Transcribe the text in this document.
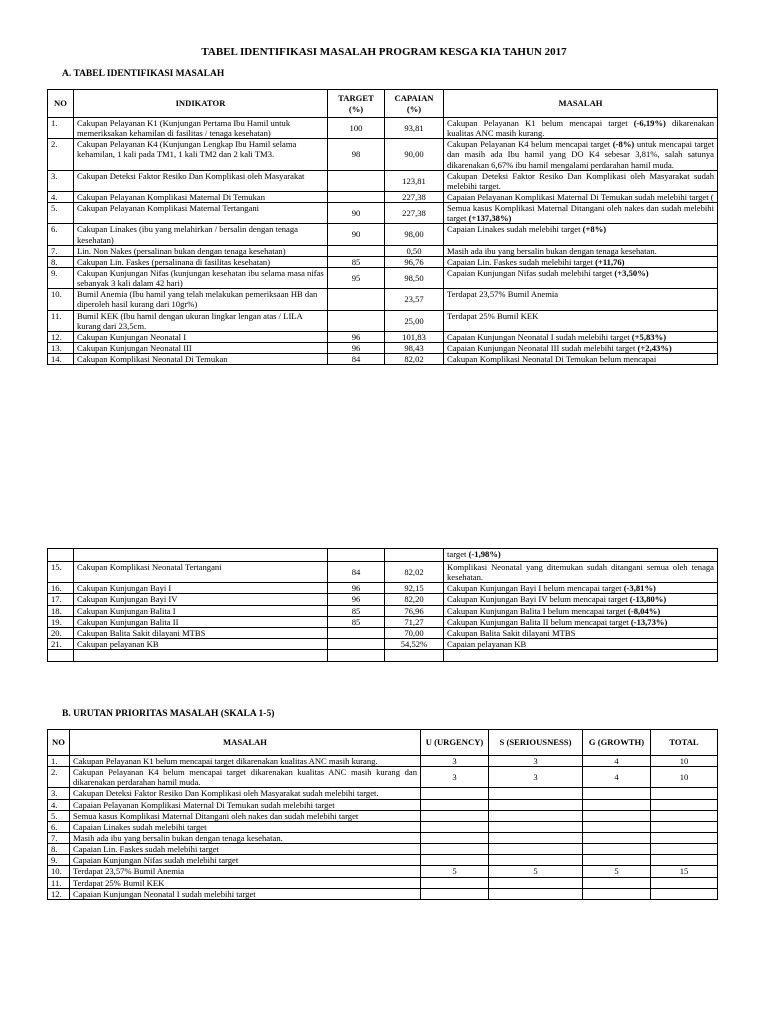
TABEL IDENTIFIKASI MASALAH PROGRAM KESGA KIA TAHUN 2017
A. TABEL IDENTIFIKASI MASALAH
NO	INDIKATOR	TARGET (%)	CAPAIAN (%)	MASALAH
1.	Cakupan Pelayanan K1 (Kunjungan Pertama Ibu Hamil untuk memeriksakan kehamilan di fasilitas / tenaga kesehatan)	100	93,81	Cakupan Pelayanan K1 belum mencapai target (-6,19%) dikarenakan kualitas ANC masih kurang.
2.	Cakupan Pelayanan K4 (Kunjungan Lengkap Ibu Hamil selama kehamilan, 1 kali pada TM1, 1 kali TM2 dan 2 kali TM3.	98	90,00	Cakupan Pelayanan K4 belum mencapai target (-8%) untuk mencapai target dan masih ada Ibu hamil yang DO K4 sebesar 3,81%, salah satunya dikarenakan 6,67% ibu hamil mengalami perdarahan hamil muda.
3.	Cakupan Deteksi Faktor Resiko Dan Komplikasi oleh Masyarakat		123,81	Cakupan Deteksi Faktor Resiko Dan Komplikasi oleh Masyarakat sudah melebihi target.
4.	Cakupan Pelayanan Komplikasi Maternal Di Temukan		227,38	Capaian Pelayanan Komplikasi Maternal Di Temukan sudah melebihi target (
5.	Cakupan Pelayanan Komplikasi Maternal Tertangani	90	227,38	Semua kasus Komplikasi Maternal Ditangani oleh nakes dan sudah melebihi target (+137,38%)
6.	Cakupan Linakes (ibu yang melahirkan / bersalin dengan tenaga kesehatan)	90	98,00	Capaian Linakes sudah melebihi target (+8%)
7.	Lin. Non Nakes (persalinan bukan dengan tenaga kesehatan)		0,50	Masih ada ibu yang bersalin bukan dengan tenaga kesehatan.
8.	Cakupan Lin. Faskes (persalinana di fasilitas kesehatan)	85	96,76	Capaian Lin. Faskes sudah melebihi target (+11,76)
9.	Cakupan Kunjungan Nifas (kunjungan kesehatan ibu selama masa nifas sebanyak 3 kali dalam 42 hari)	95	98,50	Capaian Kunjungan Nifas sudah melebihi target (+3,50%)
10.	Bumil Anemia (Ibu hamil yang telah melakukan pemeriksaan HB dan diperoleh hasil kurang dari 10gr%)		23,57	Terdapat 23,57% Bumil Anemia
11.	Bumil KEK (Ibu hamil dengan ukuran lingkar lengan atas / LILA kurang dari 23,5cm.		25,00	Terdapat 25% Bumil KEK
12.	Cakupan Kunjungan Neonatal I	96	101,83	Capaian Kunjungan Neonatal I sudah melebihi target (+5,83%)
13.	Cakupan Kunjungan Neonatal III	96	98,43	Capaian Kunjungan Neonatal III sudah melebihi target (+2,43%)
14.	Cakupan Komplikasi Neonatal Di Temukan	84	82,02	Cakupan Komplikasi Neonatal Di Temukan belum mencapai
				target (-1,98%)
15.	Cakupan Komplikasi Neonatal Tertangani	84	82,02	Komplikasi Neonatal yang ditemukan sudah ditangani semua oleh tenaga kesehatan.
16.	Cakupan Kunjungan Bayi I	96	92,15	Cakupan Kunjungan Bayi I belum mencapai target (-3,81%)
17.	Cakupan Kunjungan Bayi IV	96	82,20	Cakupan Kunjungan Bayi IV belum mencapai target (-13,80%)
18.	Cakupan Kunjungan Balita I	85	76,96	Cakupan Kunjungan Balita I belum mencapai target (-8,04%)
19.	Cakupan Kunjungan Balita II	85	71,27	Cakupan Kunjungan Balita II belum mencapai target (-13,73%)
20.	Cakupan Balita Sakit dilayani MTBS		70,00	Cakupan Balita Sakit dilayani MTBS
21.	Cakupan pelayanan KB		54,52%	Capaian pelayanan KB

B. URUTAN PRIORITAS MASALAH (SKALA 1-5)
NO	MASALAH	U (URGENCY)	S (SERIOUSNESS)	G (GROWTH)	TOTAL
1.	Cakupan Pelayanan K1 belum mencapai target dikarenakan kualitas ANC masih kurang.	3	3	4	10
2.	Cakupan Pelayanan K4 belum mencapai target dikarenakan kualitas ANC masih kurang dan dikarenakan perdarahan hamil muda.	3	3	4	10
3.	Cakupan Deteksi Faktor Resiko Dan Komplikasi oleh Masyarakat sudah melebihi target.				
4.	Capaian Pelayanan Komplikasi Maternal Di Temukan sudah melebihi target				
5.	Semua kasus Komplikasi Maternal Ditangani oleh nakes dan sudah melebihi target				
6.	Capaian Linakes sudah melebihi target				
7.	Masih ada ibu yang bersalin bukan dengan tenaga kesehatan.				
8.	Capaian Lin. Faskes sudah melebihi target				
9.	Capaian Kunjungan Nifas sudah melebihi target				
10.	Terdapat 23,57% Bumil Anemia	5	5	5	15
11.	Terdapat 25% Bumil KEK				
12.	Capaian Kunjungan Neonatal I sudah melebihi target				
